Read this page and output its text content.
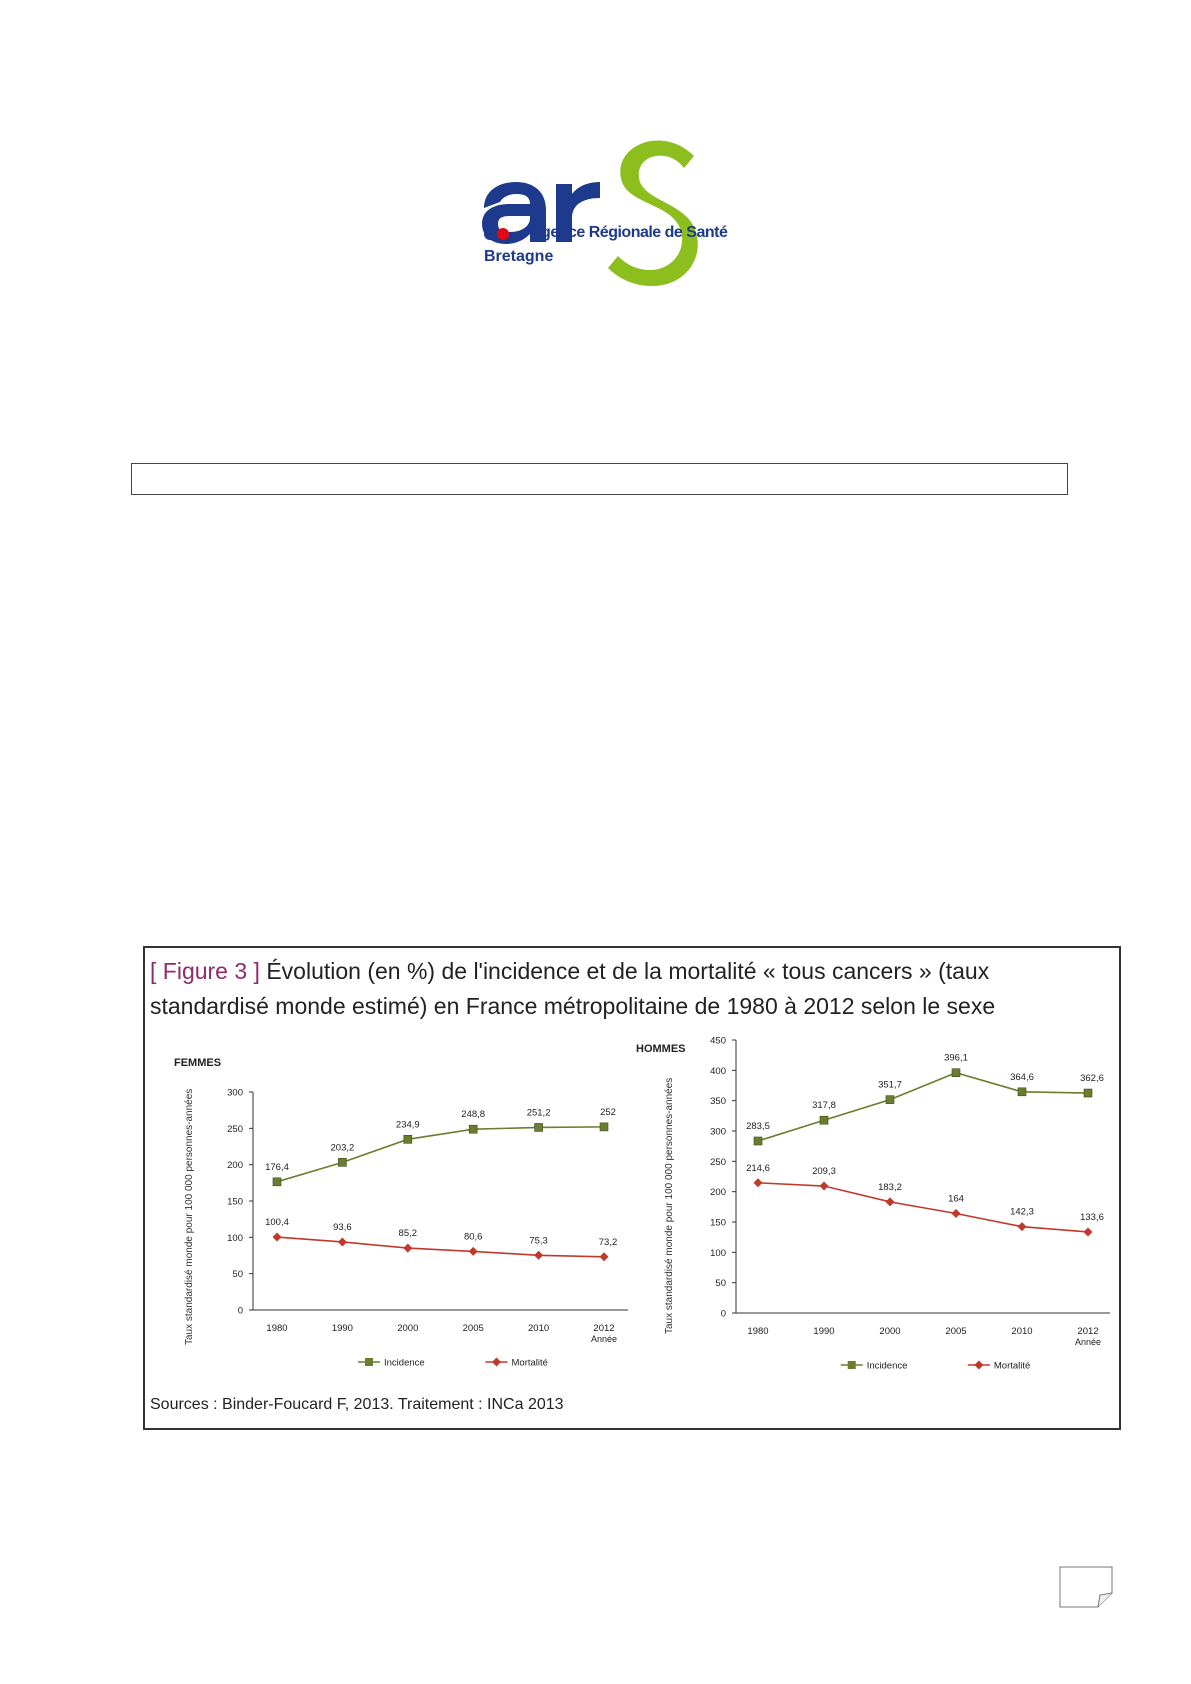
Agence Régionale de Santé
Bretagne
[ Figure 3 ] Évolution (en %) de l'incidence et de la mortalité « tous cancers » (taux standardisé monde estimé) en France métropolitaine de 1980 à 2012 selon le sexe
FEMMES
HOMMES
Taux standardisé monde pour 100 000 personnes-années	Taux standardisé monde pour 100 000 personnes-années
0
50
100
150
200
250
300
1980	1990	2000	2005	2010	2012
Année
176,4
203,2
234,9
248,8	251,2	252
100,4	93,6
85,2	80,6	75,3	73,2
Incidence	Mortalité
0
50
100
150
200
250
300
350
400
450
1980	1990	2000	2005	2010	2012
Année
283,5
317,8
351,7
396,1
364,6	362,6
214,6	209,3
183,2
164
142,3	133,6
Incidence	Mortalité
Sources : Binder-Foucard F, 2013. Traitement : INCa 2013
